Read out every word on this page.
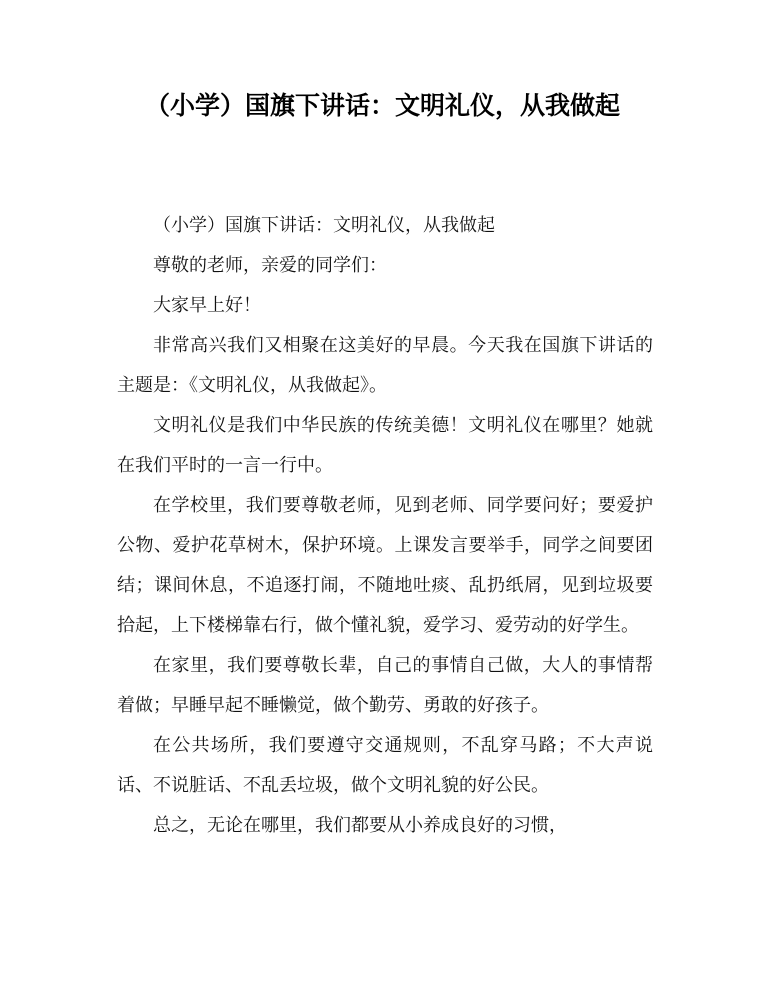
（小学）国旗下讲话：文明礼仪，从我做起

（小学）国旗下讲话：文明礼仪，从我做起

尊敬的老师，亲爱的同学们：

大家早上好！

非常高兴我们又相聚在这美好的早晨。今天我在国旗下讲话的主题是：《文明礼仪，从我做起》。

文明礼仪是我们中华民族的传统美德！文明礼仪在哪里？她就在我们平时的一言一行中。

在学校里，我们要尊敬老师，见到老师、同学要问好；要爱护公物、爱护花草树木，保护环境。上课发言要举手，同学之间要团结；课间休息，不追逐打闹，不随地吐痰、乱扔纸屑，见到垃圾要拾起，上下楼梯靠右行，做个懂礼貌，爱学习、爱劳动的好学生。

在家里，我们要尊敬长辈，自己的事情自己做，大人的事情帮着做；早睡早起不睡懒觉，做个勤劳、勇敢的好孩子。

在公共场所，我们要遵守交通规则，不乱穿马路；不大声说话、不说脏话、不乱丢垃圾，做个文明礼貌的好公民。

总之，无论在哪里，我们都要从小养成良好的习惯，
